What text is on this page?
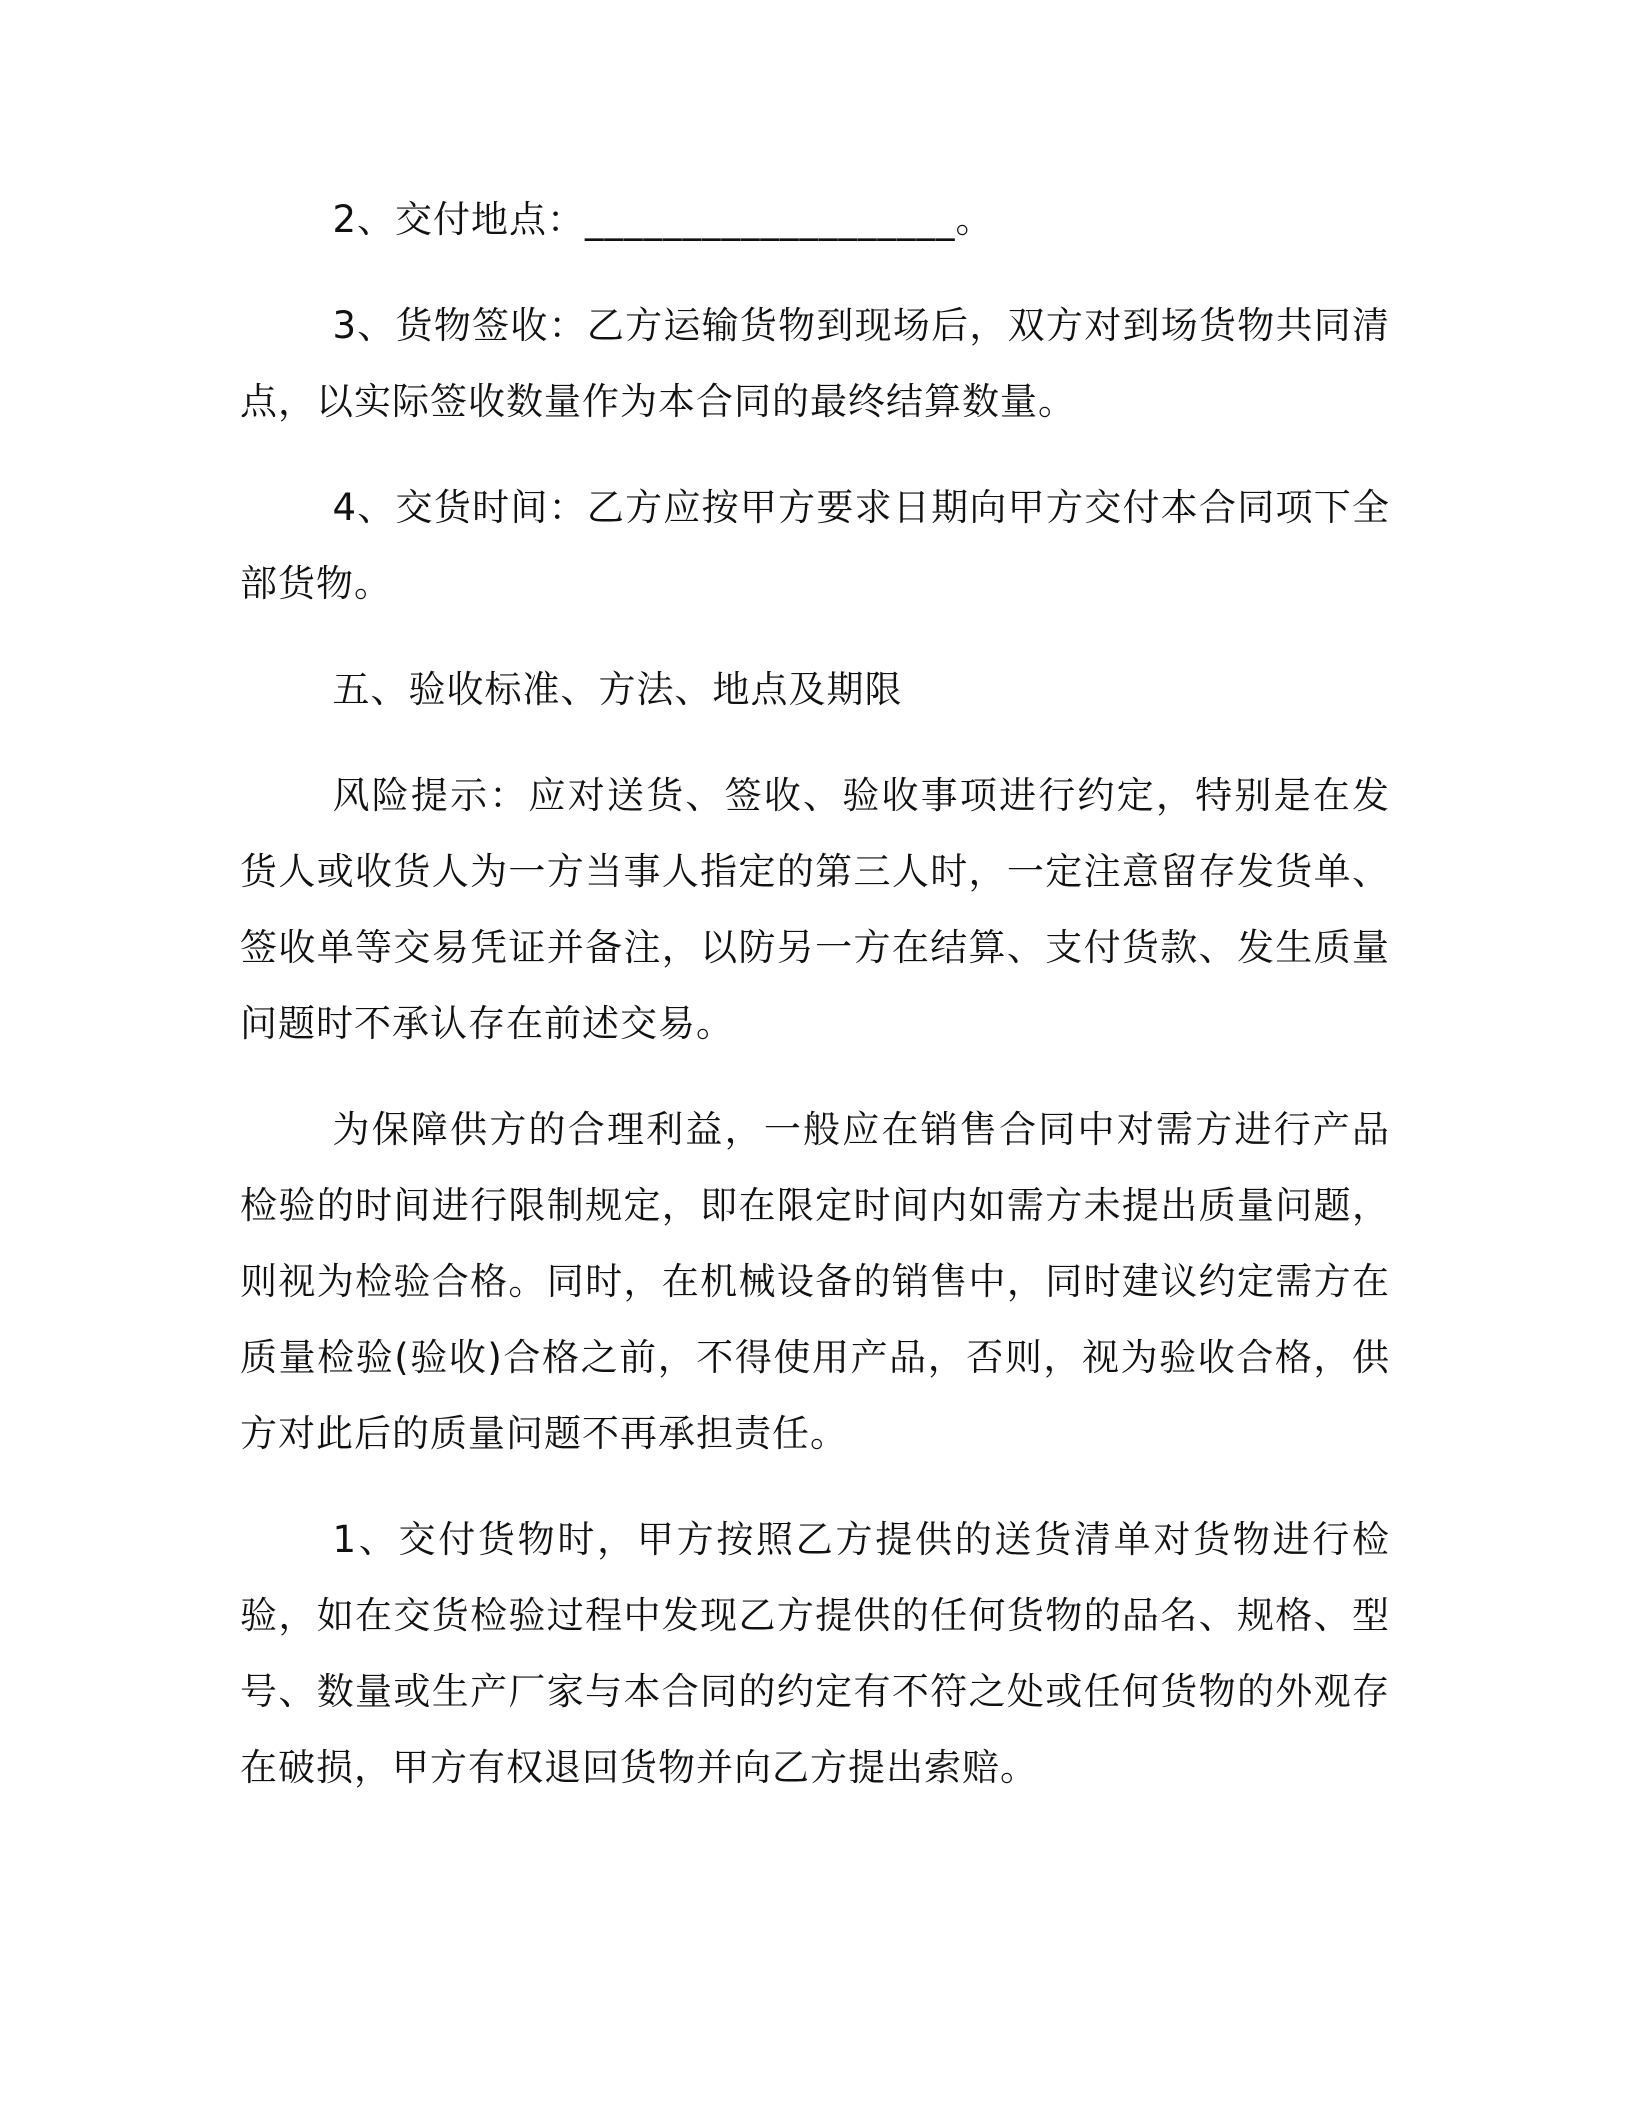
2、交付地点：___________________。

3、货物签收：乙方运输货物到现场后，双方对到场货物共同清点，以实际签收数量作为本合同的最终结算数量。

4、交货时间：乙方应按甲方要求日期向甲方交付本合同项下全部货物。

五、验收标准、方法、地点及期限

风险提示：应对送货、签收、验收事项进行约定，特别是在发货人或收货人为一方当事人指定的第三人时，一定注意留存发货单、签收单等交易凭证并备注，以防另一方在结算、支付货款、发生质量问题时不承认存在前述交易。

为保障供方的合理利益，一般应在销售合同中对需方进行产品检验的时间进行限制规定，即在限定时间内如需方未提出质量问题，则视为检验合格。同时，在机械设备的销售中，同时建议约定需方在质量检验(验收)合格之前，不得使用产品，否则，视为验收合格，供方对此后的质量问题不再承担责任。

1、交付货物时，甲方按照乙方提供的送货清单对货物进行检验，如在交货检验过程中发现乙方提供的任何货物的品名、规格、型号、数量或生产厂家与本合同的约定有不符之处或任何货物的外观存在破损，甲方有权退回货物并向乙方提出索赔。
